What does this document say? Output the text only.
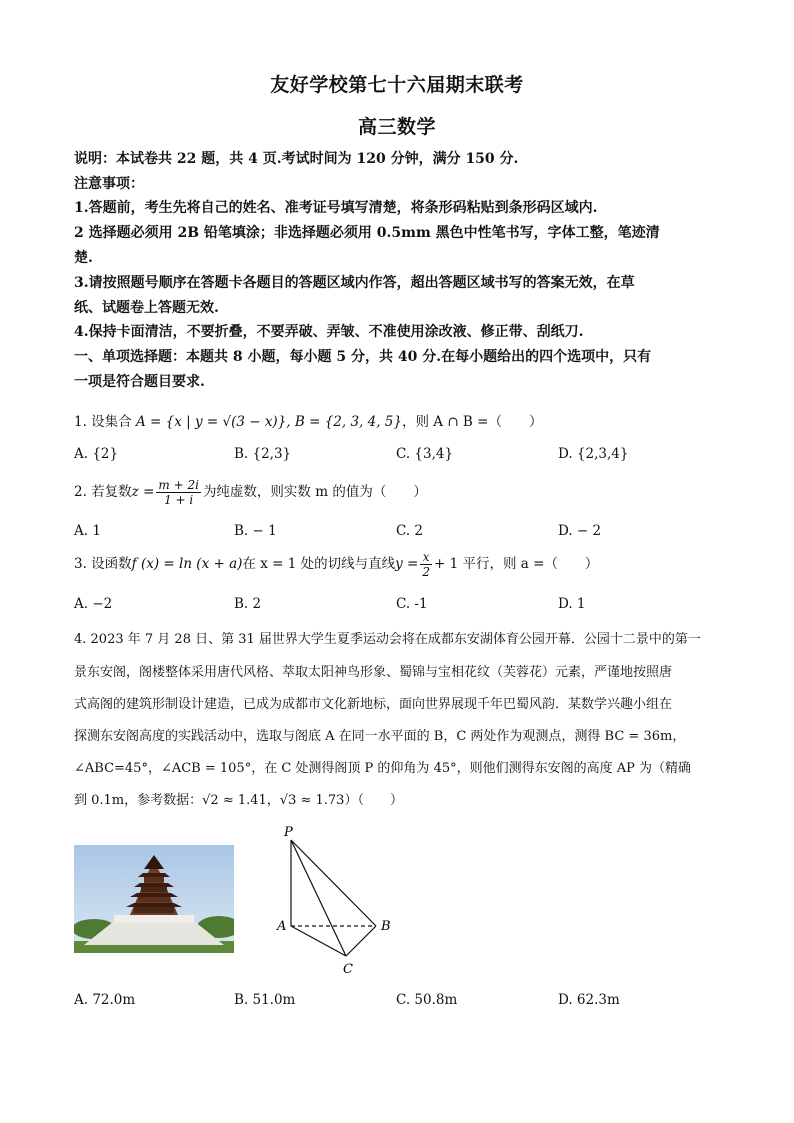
友好学校第七十六届期末联考
高三数学
说明：本试卷共 22 题，共 4 页.考试时间为 120 分钟，满分 150 分.
注意事项：
1.答题前，考生先将自己的姓名、准考证号填写清楚，将条形码粘贴到条形码区域内.
2 选择题必须用 2B 铅笔填涂；非选择题必须用 0.5mm 黑色中性笔书写，字体工整，笔迹清
楚.
3.请按照题号顺序在答题卡各题目的答题区域内作答，超出答题区域书写的答案无效，在草
纸、试题卷上答题无效.
4.保持卡面清洁，不要折叠，不要弄破、弄皱、不准使用涂改液、修正带、刮纸刀.
一、单项选择题：本题共 8 小题，每小题 5 分，共 40 分.在每小题给出的四个选项中，只有
一项是符合题目要求.
1. 设集合 A = {x | y = √(3 − x)}, B = {2, 3, 4, 5}，则 A ∩ B =（　　）
A. {2}	B. {2,3}	C. {3,4}	D. {2,3,4}
2. 若复数$z = \frac{m + 2i}{1 + i}$ 为纯虚数，则实数 m 的值为（　　）
A. 1	B. − 1	C. 2	D. − 2
3. 设函数f (x) = ln (x + a)在 x = 1 处的切线与直线$y = \frac{x}{2} + 1$ 平行，则 a =（　　）
A. −2	B. 2	C. -1	D. 1
4. 2023 年 7 月 28 日、第 31 届世界大学生夏季运动会将在成都东安湖体育公园开幕．公园十二景中的第一
景东安阁，阁楼整体采用唐代风格、萃取太阳神鸟形象、蜀锦与宝相花纹（芙蓉花）元素，严谨地按照唐
式高阁的建筑形制设计建造，已成为成都市文化新地标，面向世界展现千年巴蜀风韵．某数学兴趣小组在
探测东安阁高度的实践活动中，选取与阁底 A 在同一水平面的 B，C 两处作为观测点，测得 BC = 36m，
∠ABC=45°，∠ACB = 105°，在 C 处测得阁顶 P 的仰角为 45°，则他们测得东安阁的高度 AP 为（精确
到 0.1m，参考数据：√2 ≈ 1.41，√3 ≈ 1.73）（　　）
P
A	B
C
A. 72.0m	B. 51.0m	C. 50.8m	D. 62.3m
